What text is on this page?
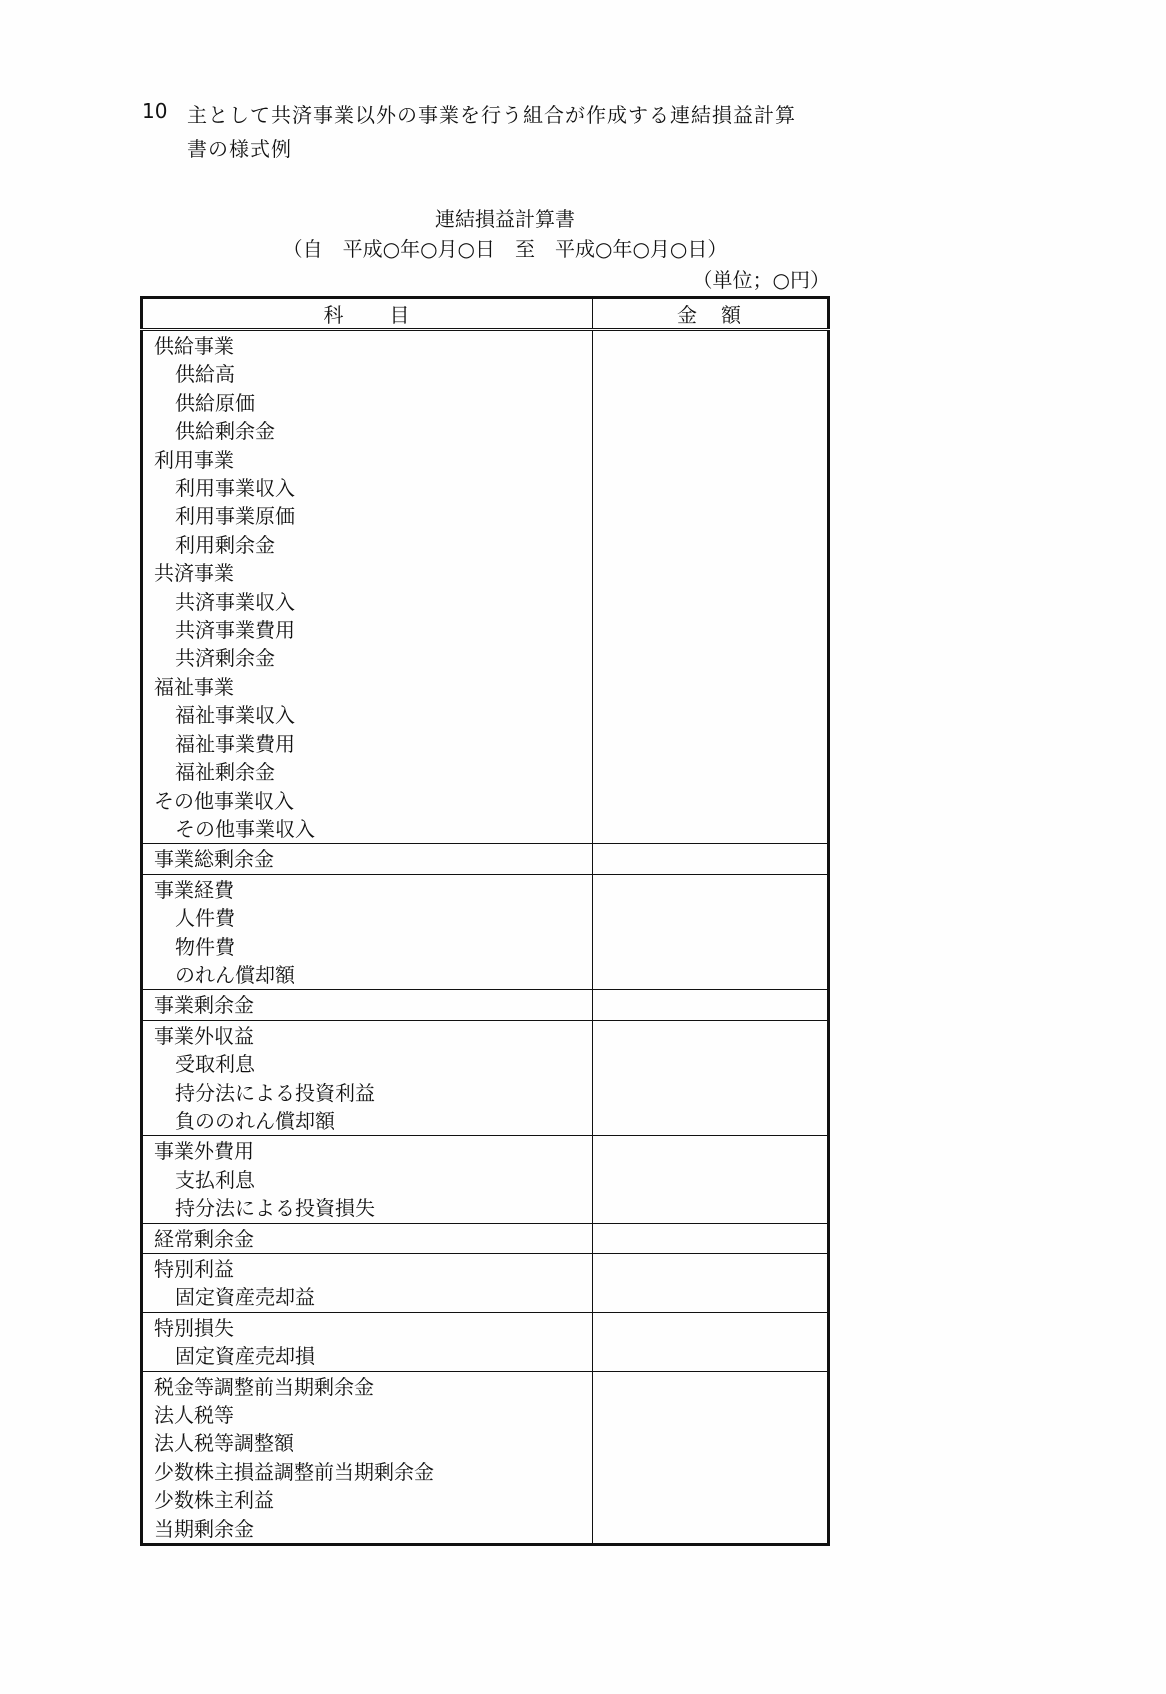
10 主として共済事業以外の事業を行う組合が作成する連結損益計算
書の様式例
連結損益計算書
（自　平成○年○月○日　至　平成○年○月○日）
（単位；○円）
科　　目	金　額
供給事業	
供給高	
供給原価	
供給剰余金	
利用事業	
利用事業収入	
利用事業原価	
利用剰余金	
共済事業	
共済事業収入	
共済事業費用	
共済剰余金	
福祉事業	
福祉事業収入	
福祉事業費用	
福祉剰余金	
その他事業収入	
その他事業収入	
事業総剰余金	
事業経費	
人件費	
物件費	
のれん償却額	
事業剰余金	
事業外収益	
受取利息	
持分法による投資利益	
負ののれん償却額	
事業外費用	
支払利息	
持分法による投資損失	
経常剰余金	
特別利益	
固定資産売却益	
特別損失	
固定資産売却損	
税金等調整前当期剰余金	
法人税等	
法人税等調整額	
少数株主損益調整前当期剰余金	
少数株主利益	
当期剰余金	
